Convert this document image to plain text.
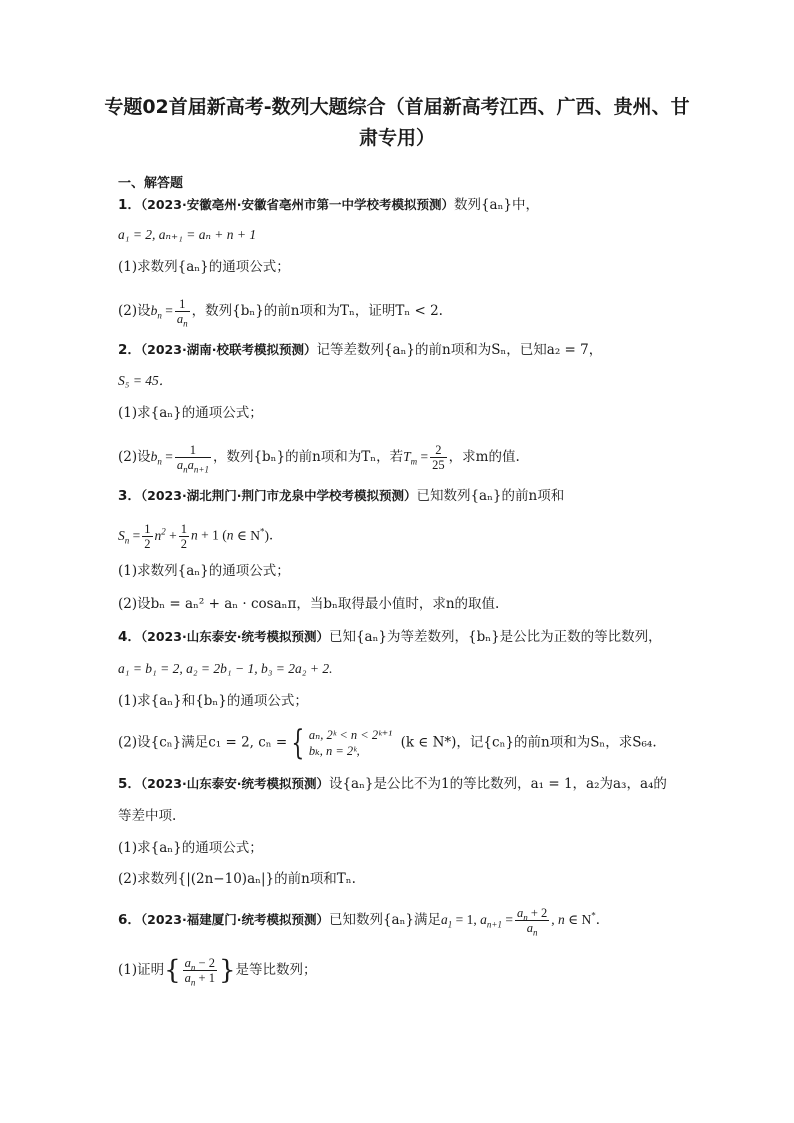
专题02首届新高考-数列大题综合（首届新高考江西、广西、贵州、甘肃专用）
一、解答题
1．（2023·安徽亳州·安徽省亳州市第一中学校考模拟预测）数列{aₙ}中，
a₁ = 2, aₙ₊₁ = aₙ + n + 1
(1)求数列{aₙ}的通项公式；
(2)设$b_n = \frac{1}{a_n}$ ，数列{bₙ}的前n项和为Tₙ，证明Tₙ < 2.
2．（2023·湖南·校联考模拟预测）记等差数列{aₙ}的前n项和为Sₙ，已知a₂ = 7，
S₅ = 45．
(1)求{aₙ}的通项公式；
(2)设$b_n = \frac{1}{a_na_{n+1}}$ ，数列{bₙ}的前n项和为Tₙ，若$T_m = \frac{2}{25}$ ，求m的值.
3．（2023·湖北荆门·荆门市龙泉中学校考模拟预测）已知数列{aₙ}的前n项和
$S_n = \frac{1}{2} n^2 + \frac{1}{2}$ n + 1 (n ∈ N*)．
(1)求数列{aₙ}的通项公式；
(2)设bₙ = aₙ² + aₙ · cosaₙπ，当bₙ取得最小值时，求n的取值.
4．（2023·山东泰安·统考模拟预测）已知{aₙ}为等差数列，{bₙ}是公比为正数的等比数列，
a₁ = b₁ = 2, a₂ = 2b₁ − 1, b₃ = 2a₂ + 2.
(1)求{aₙ}和{bₙ}的通项公式；
(2)设{cₙ}满足c₁ = 2, cₙ = { aₙ, 2ᵏ < n < 2ᵏ⁺¹
bₖ, n = 2ᵏ,
(k ∈ N*)，记{cₙ}的前n项和为Sₙ，求S₆₄.
5．（2023·山东泰安·统考模拟预测）设{aₙ}是公比不为1的等比数列，a₁ = 1，a₂为a₃，a₄的
等差中项.
(1)求{aₙ}的通项公式；
(2)求数列{|(2n−10)aₙ|}的前n项和Tₙ.
6．（2023·福建厦门·统考模拟预测）已知数列{aₙ}满足$a_1 = 1$, $a_{n+1} = \frac{a_n + 2}{a_n}$ , n ∈ N*．
(1)证明{ $\frac{a_n - 2}{a_n + 1}$ }是等比数列；
